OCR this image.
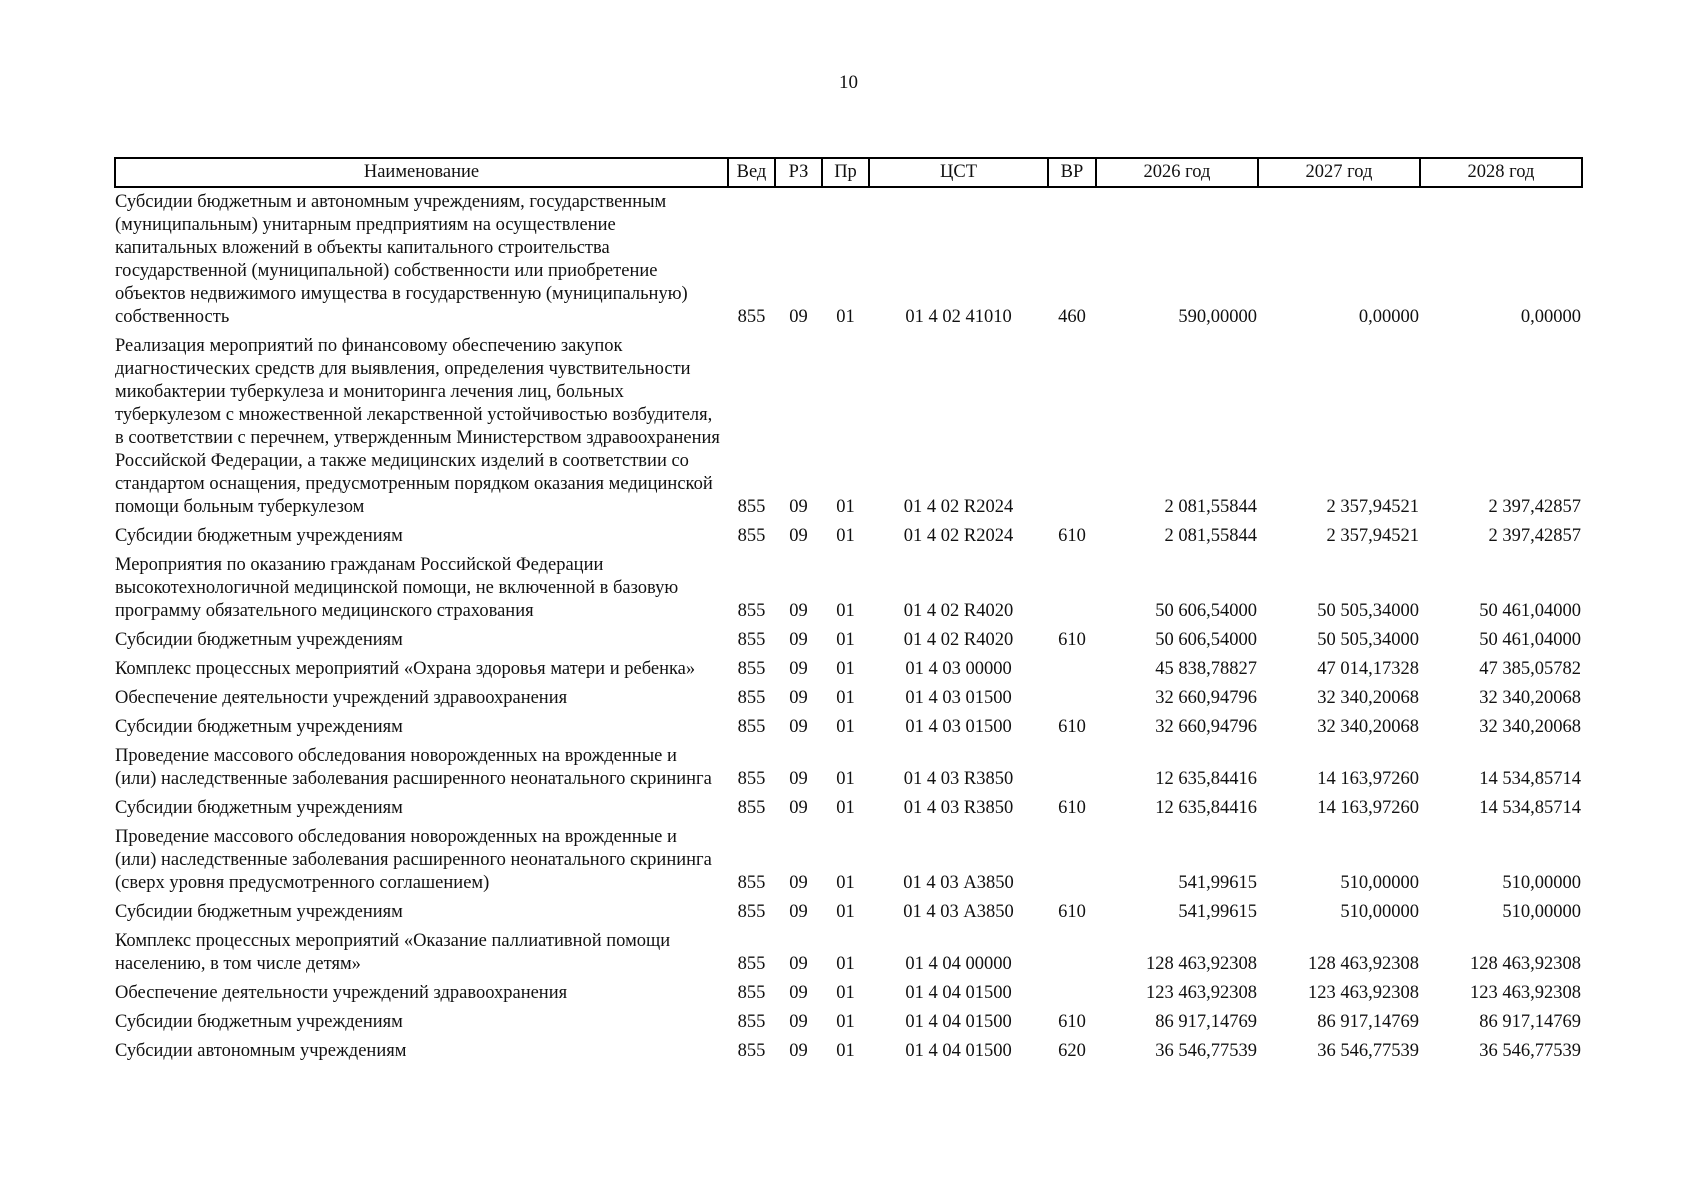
10
Наименование	Вед	РЗ	Пр	ЦСТ	ВР	2026 год	2027 год	2028 год
Субсидии бюджетным и автономным учреждениям, государственным (муниципальным) унитарным предприятиям на осуществление капитальных вложений в объекты капитального строительства государственной (муниципальной) собственности или приобретение объектов недвижимого имущества в государственную (муниципальную) собственность	855	09	01	01 4 02 41010	460	590,00000	0,00000	0,00000
Реализация мероприятий по финансовому обеспечению закупок диагностических средств для выявления, определения чувствительности микобактерии туберкулеза и мониторинга лечения лиц, больных туберкулезом с множественной лекарственной устойчивостью возбудителя, в соответствии с перечнем, утвержденным Министерством здравоохранения Российской Федерации, а также медицинских изделий в соответствии со стандартом оснащения, предусмотренным порядком оказания медицинской помощи больным туберкулезом	855	09	01	01 4 02 R2024		2 081,55844	2 357,94521	2 397,42857
Субсидии бюджетным учреждениям	855	09	01	01 4 02 R2024	610	2 081,55844	2 357,94521	2 397,42857
Мероприятия по оказанию гражданам Российской Федерации высокотехнологичной медицинской помощи, не включенной в базовую программу обязательного медицинского страхования	855	09	01	01 4 02 R4020		50 606,54000	50 505,34000	50 461,04000
Субсидии бюджетным учреждениям	855	09	01	01 4 02 R4020	610	50 606,54000	50 505,34000	50 461,04000
Комплекс процессных мероприятий «Охрана здоровья матери и ребенка»	855	09	01	01 4 03 00000		45 838,78827	47 014,17328	47 385,05782
Обеспечение деятельности учреждений здравоохранения	855	09	01	01 4 03 01500		32 660,94796	32 340,20068	32 340,20068
Субсидии бюджетным учреждениям	855	09	01	01 4 03 01500	610	32 660,94796	32 340,20068	32 340,20068
Проведение массового обследования новорожденных на врожденные и (или) наследственные заболевания расширенного неонатального скрининга	855	09	01	01 4 03 R3850		12 635,84416	14 163,97260	14 534,85714
Субсидии бюджетным учреждениям	855	09	01	01 4 03 R3850	610	12 635,84416	14 163,97260	14 534,85714
Проведение массового обследования новорожденных на врожденные и (или) наследственные заболевания расширенного неонатального скрининга (сверх уровня предусмотренного соглашением)	855	09	01	01 4 03 А3850		541,99615	510,00000	510,00000
Субсидии бюджетным учреждениям	855	09	01	01 4 03 А3850	610	541,99615	510,00000	510,00000
Комплекс процессных мероприятий «Оказание паллиативной помощи населению, в том числе детям»	855	09	01	01 4 04 00000		128 463,92308	128 463,92308	128 463,92308
Обеспечение деятельности учреждений здравоохранения	855	09	01	01 4 04 01500		123 463,92308	123 463,92308	123 463,92308
Субсидии бюджетным учреждениям	855	09	01	01 4 04 01500	610	86 917,14769	86 917,14769	86 917,14769
Субсидии автономным учреждениям	855	09	01	01 4 04 01500	620	36 546,77539	36 546,77539	36 546,77539
